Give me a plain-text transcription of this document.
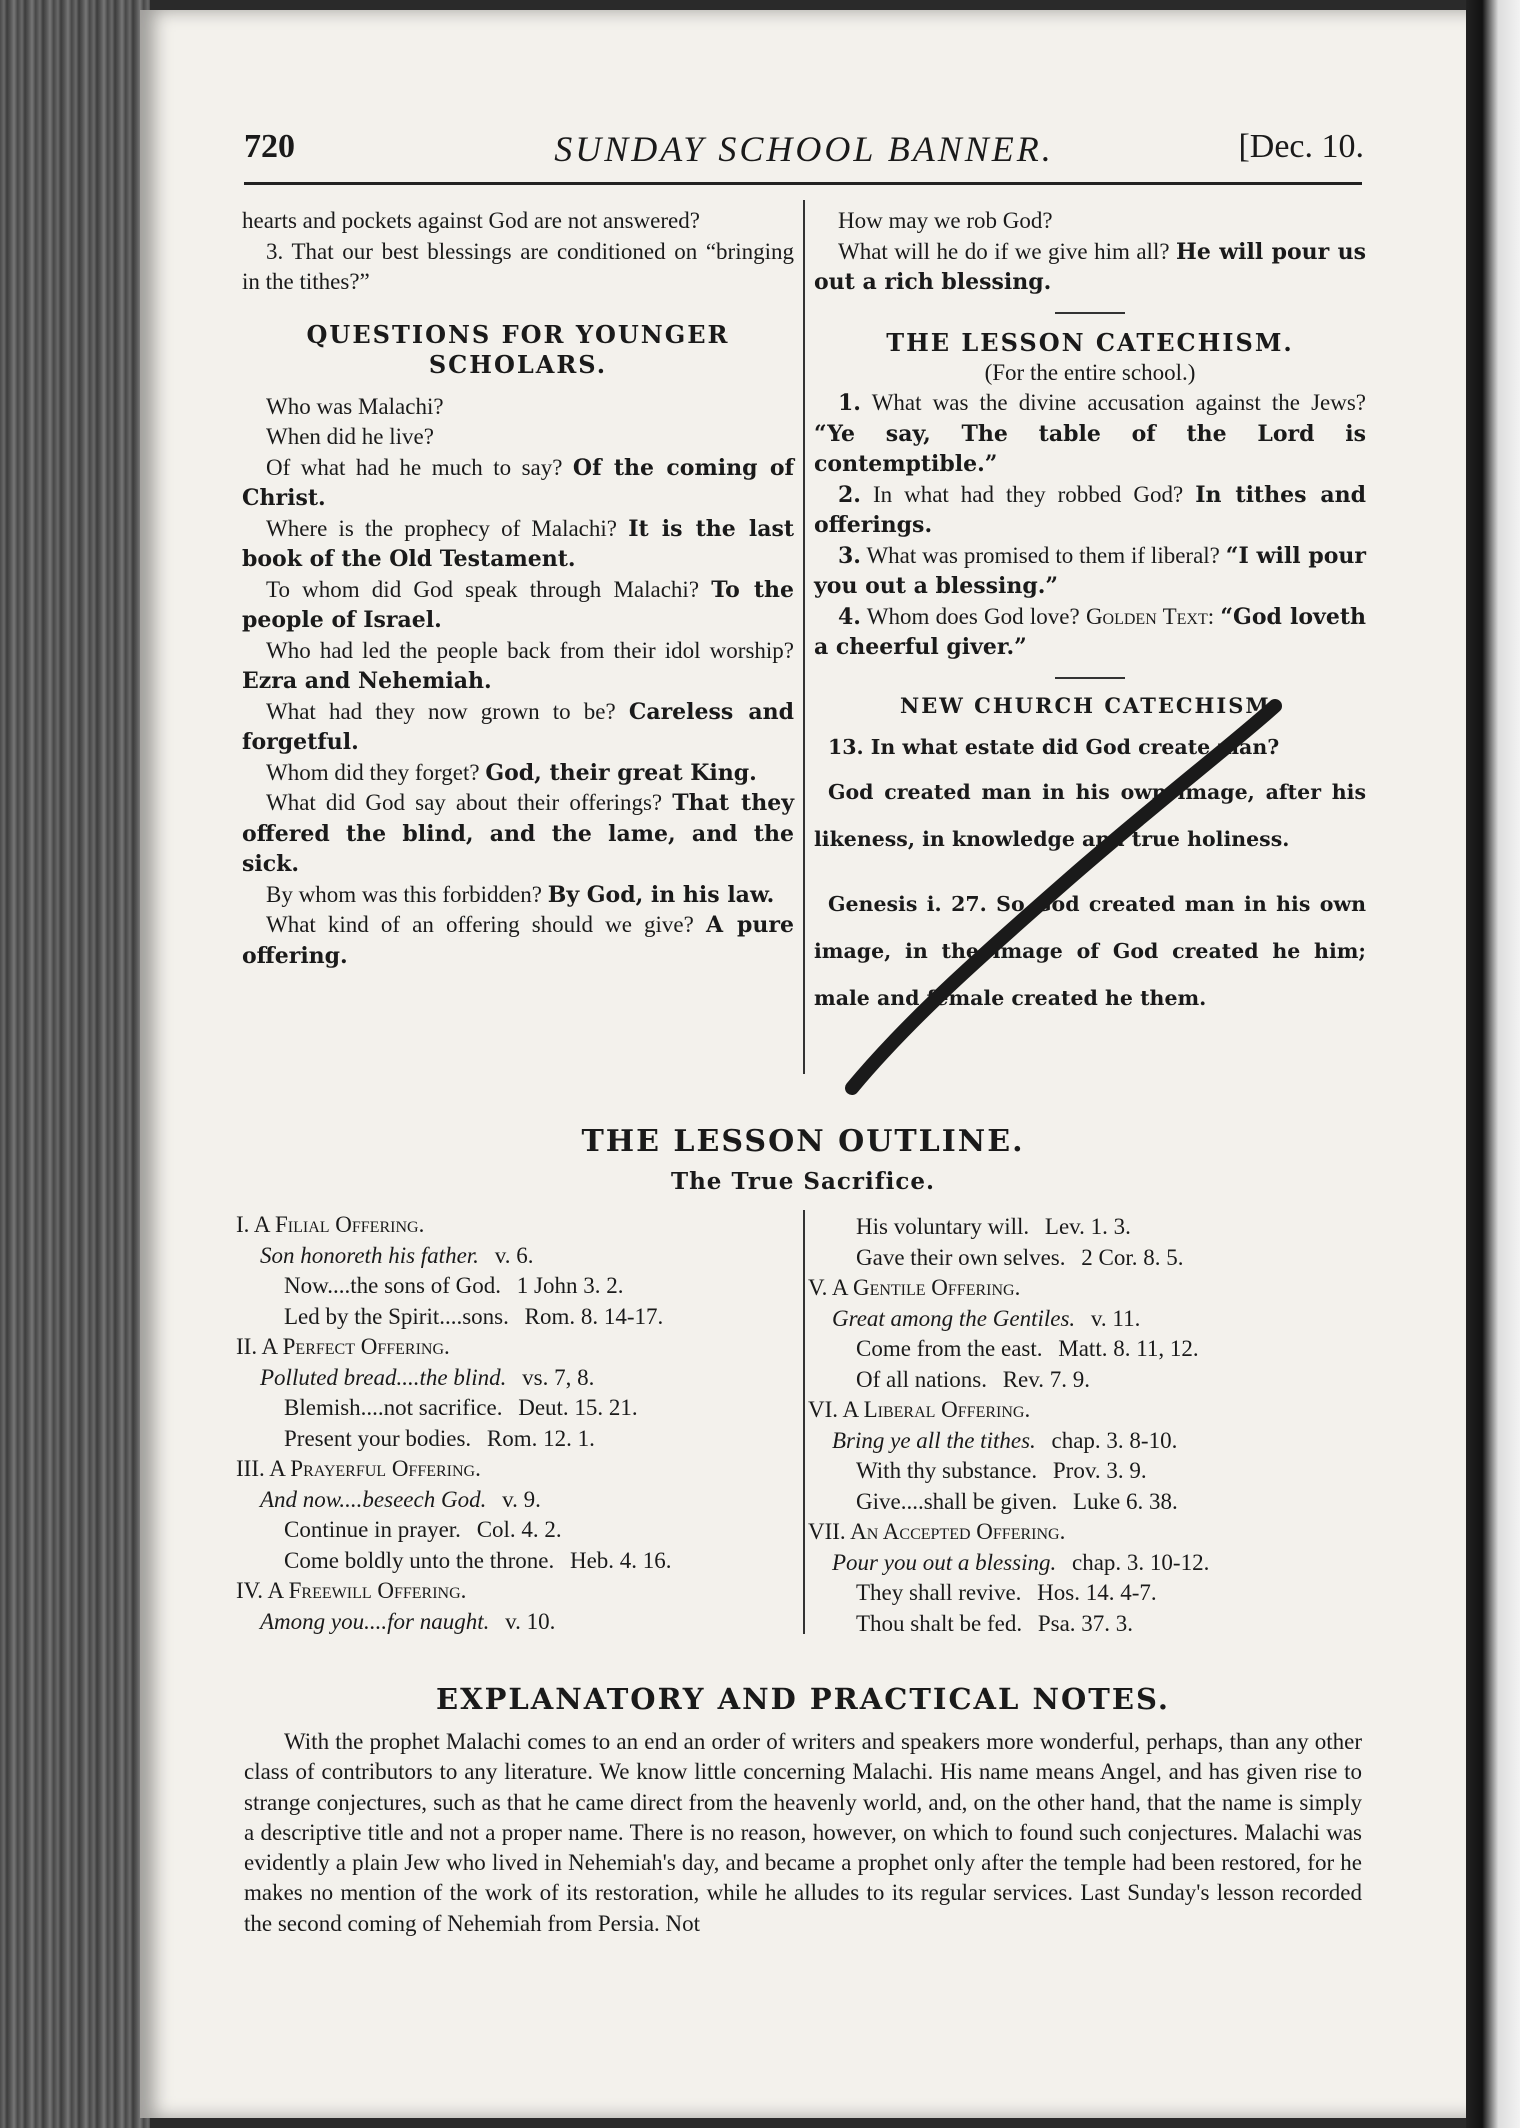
720	SUNDAY SCHOOL BANNER.	[Dec. 10.

hearts and pockets against God are not answered?

3. That our best blessings are conditioned on “bringing in the tithes?”

QUESTIONS FOR YOUNGER SCHOLARS.

Who was Malachi?

When did he live?

Of what had he much to say? Of the coming of Christ.

Where is the prophecy of Malachi? It is the last book of the Old Testament.

To whom did God speak through Malachi? To the people of Israel.

Who had led the people back from their idol worship? Ezra and Nehemiah.

What had they now grown to be? Careless and forgetful.

Whom did they forget? God, their great King.

What did God say about their offerings? That they offered the blind, and the lame, and the sick.

By whom was this forbidden? By God, in his law.

What kind of an offering should we give? A pure offering.

How may we rob God?

What will he do if we give him all? He will pour us out a rich blessing.

THE LESSON CATECHISM.

(For the entire school.)

1. What was the divine accusation against the Jews? “Ye say, The table of the Lord is contemptible.”

2. In what had they robbed God? In tithes and offerings.

3. What was promised to them if liberal? “I will pour you out a blessing.”

4. Whom does God love? Golden Text: “God loveth a cheerful giver.”

NEW CHURCH CATECHISM.

13. In what estate did God create man?

God created man in his own image, after his likeness, in knowledge and true holiness.

Genesis i. 27. So God created man in his own image, in the image of God created he him; male and female created he them.

THE LESSON OUTLINE.
The True Sacrifice.
I. A Filial Offering.
Son honoreth his father. v. 6.
Now....the sons of God. 1 John 3. 2.
Led by the Spirit....sons. Rom. 8. 14-17.
II. A Perfect Offering.
Polluted bread....the blind. vs. 7, 8.
Blemish....not sacrifice. Deut. 15. 21.
Present your bodies. Rom. 12. 1.
III. A Prayerful Offering.
And now....beseech God. v. 9.
Continue in prayer. Col. 4. 2.
Come boldly unto the throne. Heb. 4. 16.
IV. A Freewill Offering.
Among you....for naught. v. 10.
His voluntary will. Lev. 1. 3.
Gave their own selves. 2 Cor. 8. 5.
V. A Gentile Offering.
Great among the Gentiles. v. 11.
Come from the east. Matt. 8. 11, 12.
Of all nations. Rev. 7. 9.
VI. A Liberal Offering.
Bring ye all the tithes. chap. 3. 8-10.
With thy substance. Prov. 3. 9.
Give....shall be given. Luke 6. 38.
VII. An Accepted Offering.
Pour you out a blessing. chap. 3. 10-12.
They shall revive. Hos. 14. 4-7.
Thou shalt be fed. Psa. 37. 3.
EXPLANATORY AND PRACTICAL NOTES.

With the prophet Malachi comes to an end an order of writers and speakers more wonderful, perhaps, than any other class of contributors to any literature. We know little concerning Malachi. His name means Angel, and has given rise to strange conjectures, such as that he came direct from the heavenly world, and, on the other hand, that the name is simply a descriptive title and not a proper name. There is no reason, however, on which to found such conjectures. Malachi was evidently a plain Jew who lived in Nehemiah's day, and became a prophet only after the temple had been restored, for he makes no mention of the work of its restoration, while he alludes to its regular services. Last Sunday's lesson recorded the second coming of Nehemiah from Persia. Not
